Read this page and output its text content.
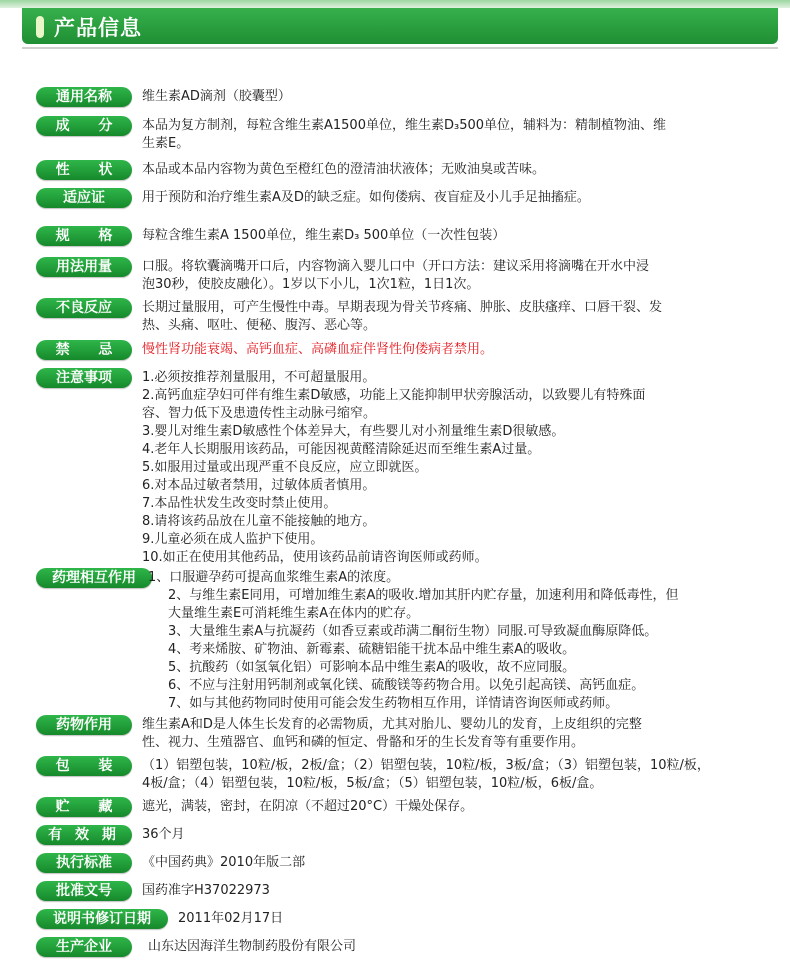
产品信息
通用名称	维生素AD滴剂（胶囊型）
成 分	本品为复方制剂，每粒含维生素A1500单位，维生素D₃500单位，辅料为：精制植物油、维
生素E。
性 状	本品或本品内容物为黄色至橙红色的澄清油状液体；无败油臭或苦味。
适应证	用于预防和治疗维生素A及D的缺乏症。如佝偻病、夜盲症及小儿手足抽搐症。
规 格	每粒含维生素A 1500单位，维生素D₃ 500单位（一次性包装）
用法用量	口服。将软囊滴嘴开口后，内容物滴入婴儿口中（开口方法：建议采用将滴嘴在开水中浸
泡30秒，使胶皮融化）。1岁以下小儿，1次1粒，1日1次。
不良反应	长期过量服用，可产生慢性中毒。早期表现为骨关节疼痛、肿胀、皮肤瘙痒、口唇干裂、发
热、头痛、呕吐、便秘、腹泻、恶心等。
禁 忌	慢性肾功能衰竭、高钙血症、高磷血症伴肾性佝偻病者禁用。
注意事项	1.必须按推荐剂量服用，不可超量服用。
2.高钙血症孕妇可伴有维生素D敏感，功能上又能抑制甲状旁腺活动，以致婴儿有特殊面
容、智力低下及患遗传性主动脉弓缩窄。
3.婴儿对维生素D敏感性个体差异大，有些婴儿对小剂量维生素D很敏感。
4.老年人长期服用该药品，可能因视黄醛清除延迟而至维生素A过量。
5.如服用过量或出现严重不良反应，应立即就医。
6.对本品过敏者禁用，过敏体质者慎用。
7.本品性状发生改变时禁止使用。
8.请将该药品放在儿童不能接触的地方。
9.儿童必须在成人监护下使用。
10.如正在使用其他药品，使用该药品前请咨询医师或药师。
药理相互作用 1、口服避孕药可提高血浆维生素A的浓度。
2、与维生素E同用，可增加维生素A的吸收.增加其肝内贮存量，加速利用和降低毒性，但
大量维生素E可消耗维生素A在体内的贮存。
3、大量维生素A与抗凝药（如香豆素或茚满二酮衍生物）同服.可导致凝血酶原降低。
4、考来烯胺、矿物油、新霉素、硫糖铝能干扰本品中维生素A的吸收。
5、抗酸药（如氢氧化铝）可影响本品中维生素A的吸收，故不应同服。
6、不应与注射用钙制剂或氧化镁、硫酸镁等药物合用。以免引起高镁、高钙血症。
7、如与其他药物同时使用可能会发生药物相互作用，详情请咨询医师或药师。
药物作用	维生素A和D是人体生长发育的必需物质，尤其对胎儿、婴幼儿的发育，上皮组织的完整
性、视力、生殖器官、血钙和磷的恒定、骨骼和牙的生长发育等有重要作用。
包 装	（1）铝塑包装，10粒/板，2板/盒；（2）铝塑包装，10粒/板，3板/盒；（3）铝塑包装，10粒/板，
4板/盒；（4）铝塑包装，10粒/板，5板/盒；（5）铝塑包装，10粒/板，6板/盒。
贮 藏	遮光，满装，密封，在阴凉（不超过20°C）干燥处保存。
有 效 期	36个月
执行标准	《中国药典》2010年版二部
批准文号	国药准字H37022973
说明书修订日期	2011年02月17日
生产企业	山东达因海洋生物制药股份有限公司
